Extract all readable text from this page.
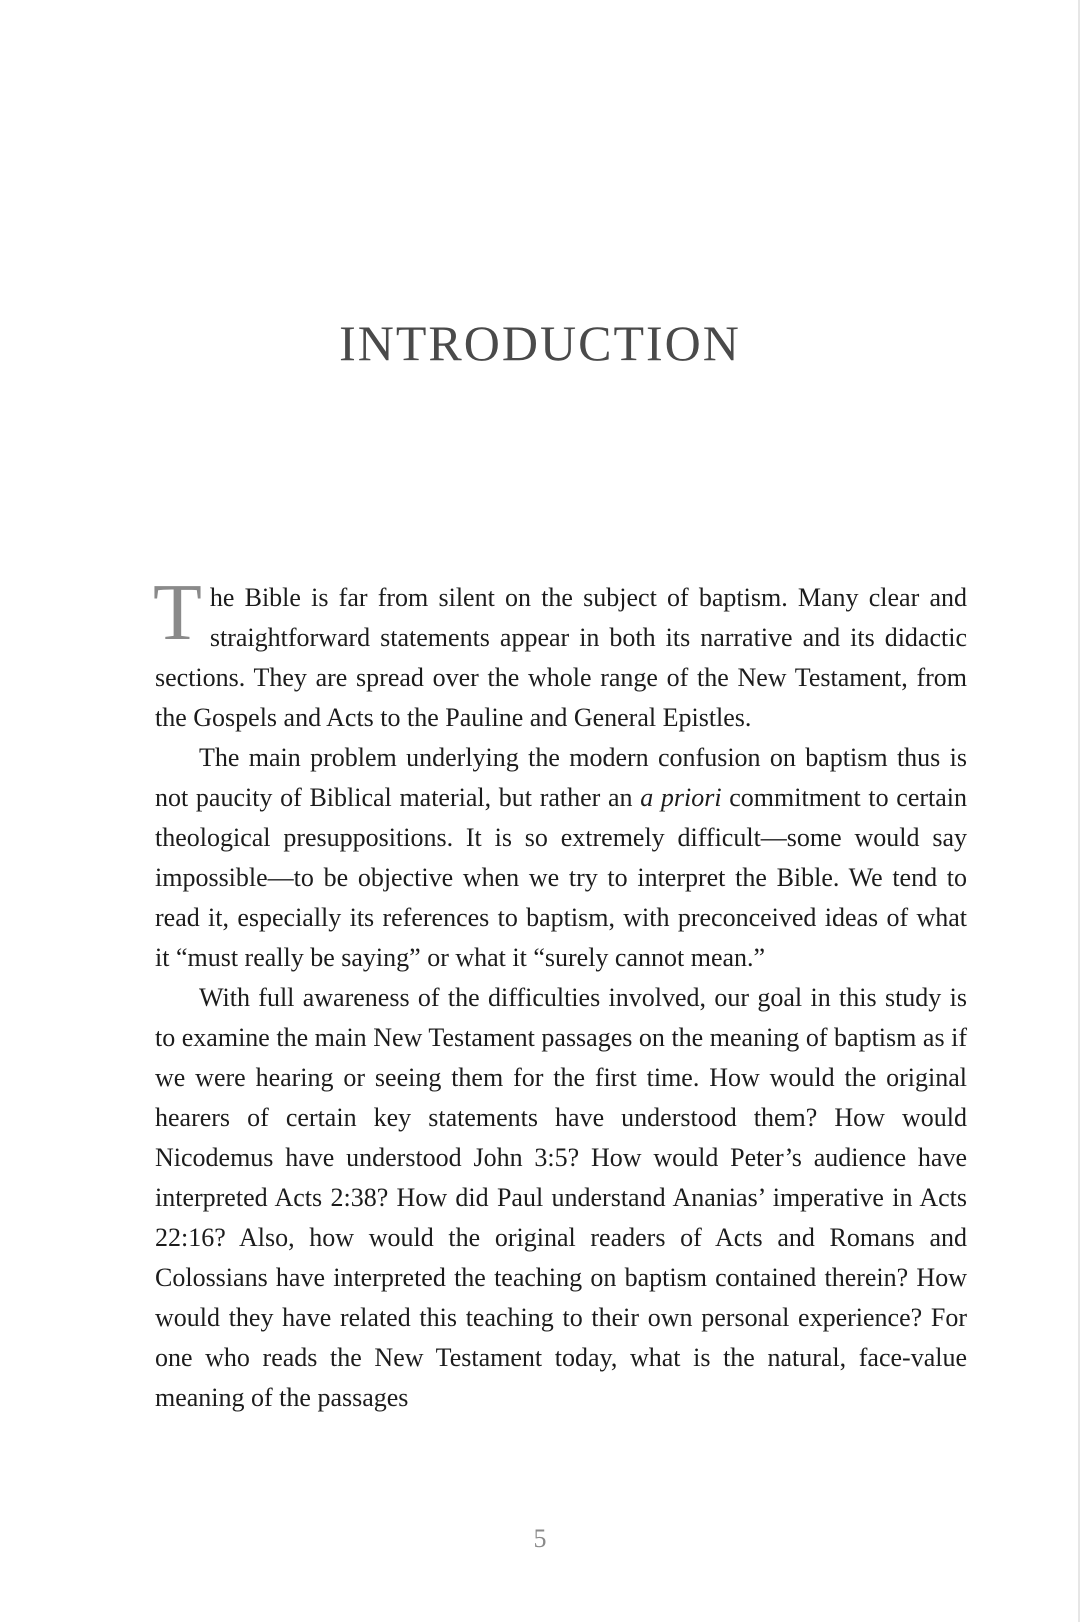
INTRODUCTION

The Bible is far from silent on the subject of baptism. Many clear and straightforward statements appear in both its narrative and its didactic sections. They are spread over the whole range of the New Testament, from the Gospels and Acts to the Pauline and General Epistles.

The main problem underlying the modern confusion on baptism thus is not paucity of Biblical material, but rather an a priori commitment to certain theological presuppositions. It is so extremely difficult—some would say impossible—to be objective when we try to interpret the Bible. We tend to read it, especially its references to baptism, with preconceived ideas of what it “must really be saying” or what it “surely cannot mean.”

With full awareness of the difficulties involved, our goal in this study is to examine the main New Testament passages on the meaning of baptism as if we were hearing or seeing them for the first time. How would the original hearers of certain key statements have understood them? How would Nicodemus have understood John 3:5? How would Peter’s audience have interpreted Acts 2:38? How did Paul understand Ananias’ imperative in Acts 22:16? Also, how would the original readers of Acts and Romans and Colossians have interpreted the teaching on baptism contained therein? How would they have related this teaching to their own personal experience? For one who reads the New Testament today, what is the natural, face-value meaning of the passages

5
